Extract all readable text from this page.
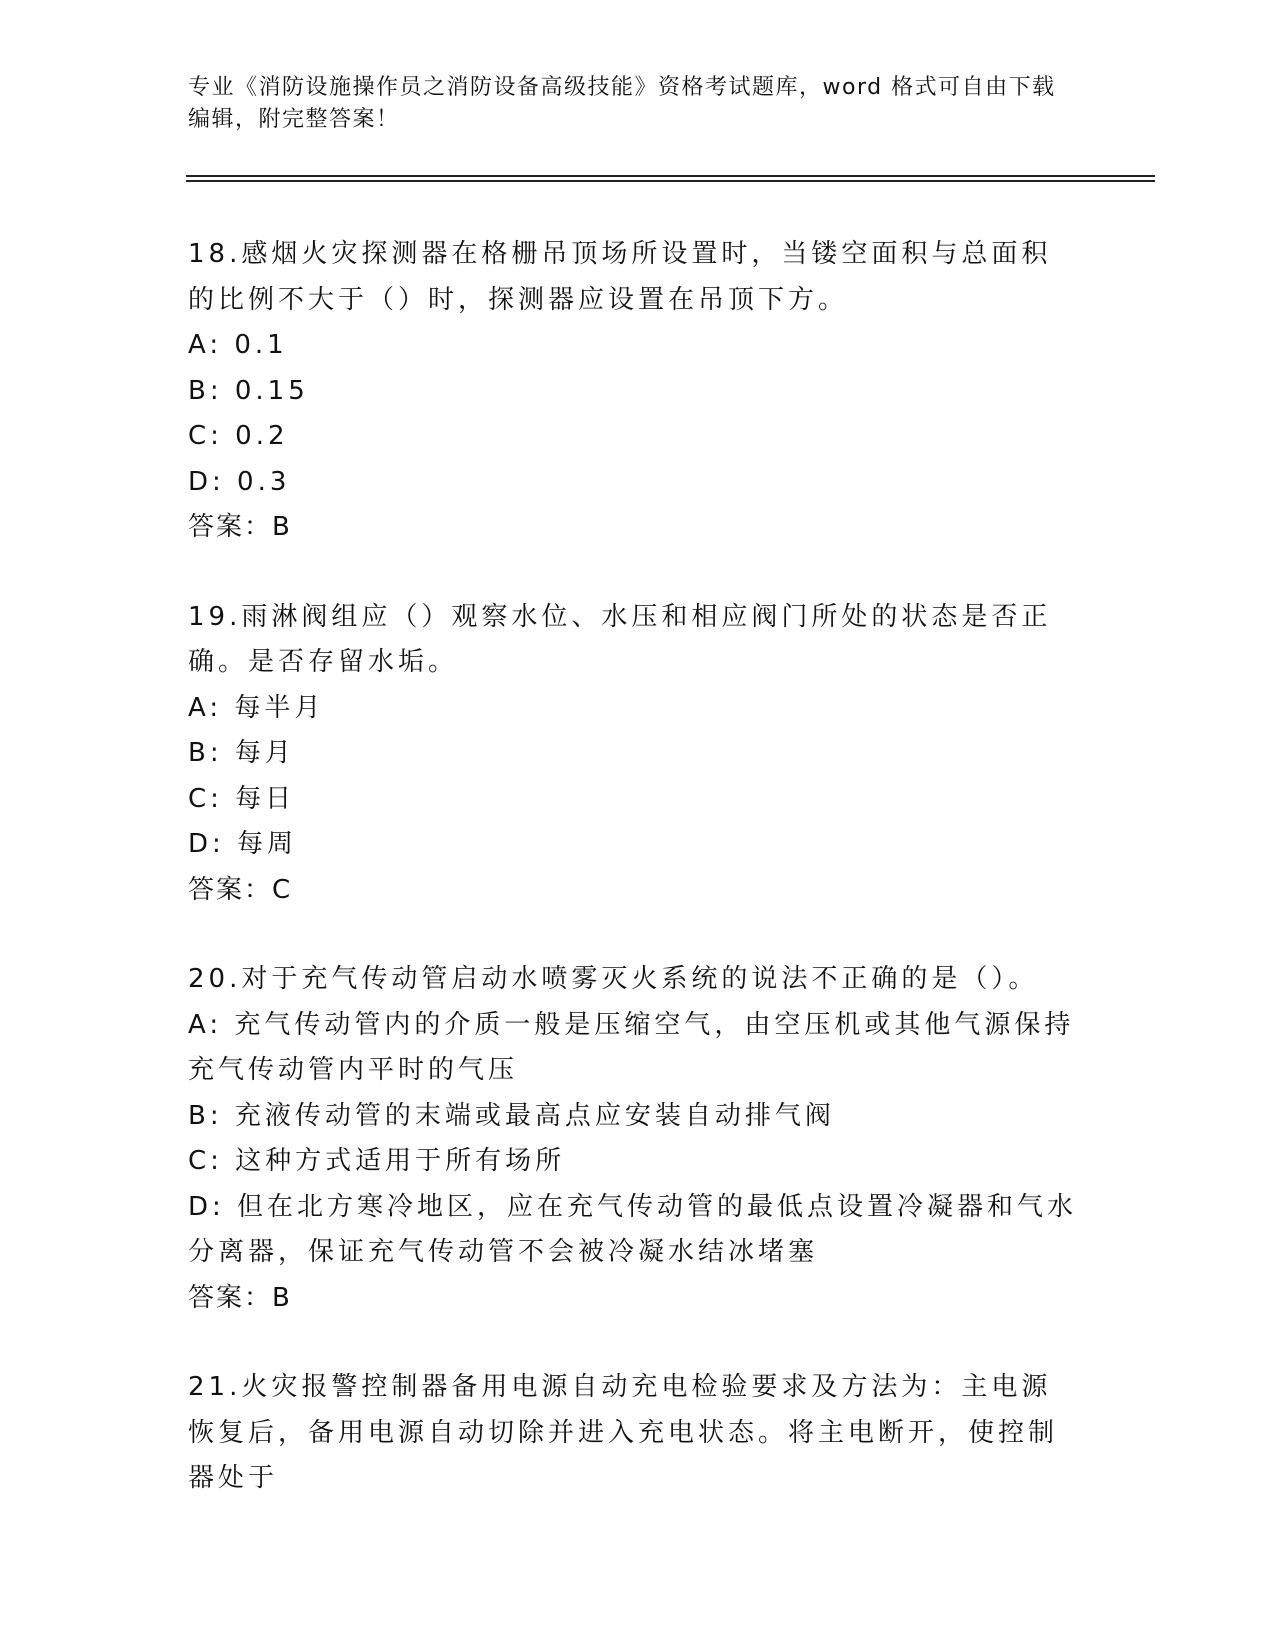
专业《消防设施操作员之消防设备高级技能》资格考试题库，word 格式可自由下载编辑，附完整答案！

18.感烟火灾探测器在格栅吊顶场所设置时，当镂空面积与总面积的比例不大于（）时，探测器应设置在吊顶下方。

A: 0.1

B: 0.15

C: 0.2

D: 0.3

答案：B

19.雨淋阀组应（）观察水位、水压和相应阀门所处的状态是否正确。是否存留水垢。

A: 每半月

B: 每月

C: 每日

D: 每周

答案：C

20.对于充气传动管启动水喷雾灭火系统的说法不正确的是（）。

A: 充气传动管内的介质一般是压缩空气，由空压机或其他气源保持充气传动管内平时的气压

B: 充液传动管的末端或最高点应安装自动排气阀

C: 这种方式适用于所有场所

D: 但在北方寒冷地区，应在充气传动管的最低点设置冷凝器和气水分离器，保证充气传动管不会被冷凝水结冰堵塞

答案：B

21.火灾报警控制器备用电源自动充电检验要求及方法为：主电源恢复后，备用电源自动切除并进入充电状态。将主电断开，使控制器处于
